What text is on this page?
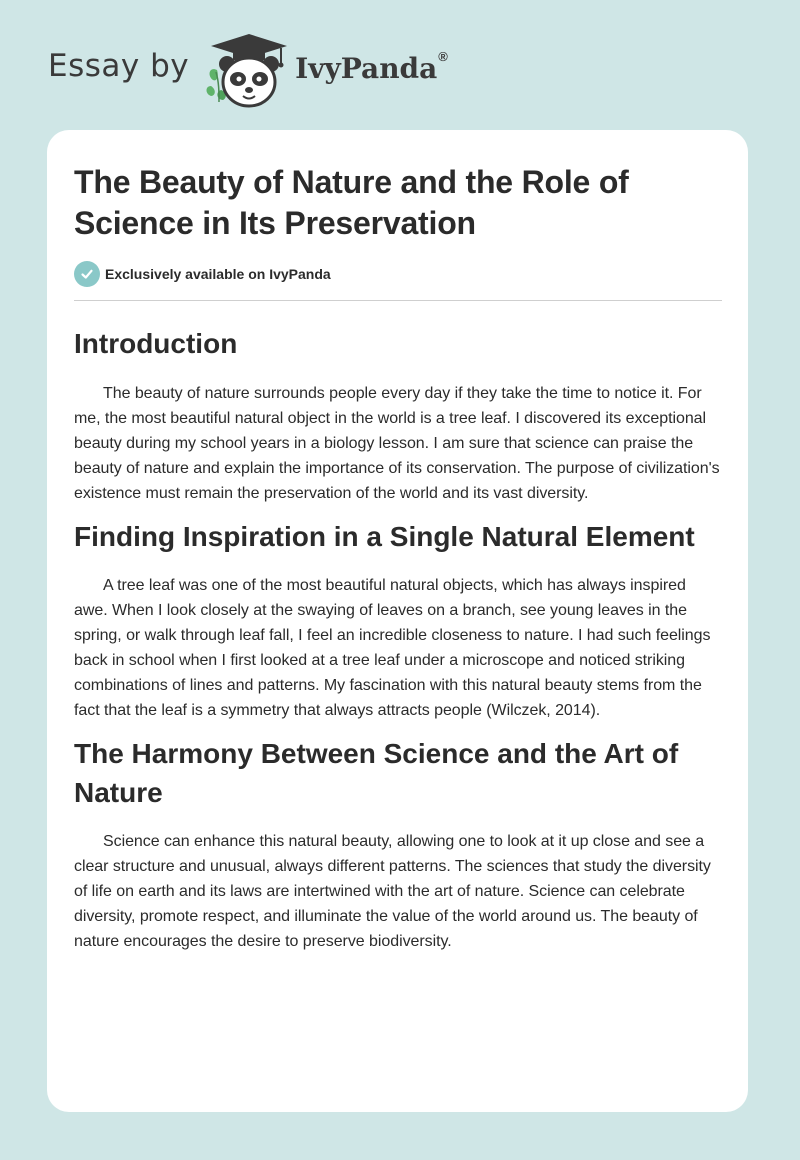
Essay by	IvyPanda ®
The Beauty of Nature and the Role of Science in Its Preservation
Exclusively available on IvyPanda
Introduction

The beauty of nature surrounds people every day if they take the time to notice it. For me, the most beautiful natural object in the world is a tree leaf. I discovered its exceptional beauty during my school years in a biology lesson. I am sure that science can praise the beauty of nature and explain the importance of its conservation. The purpose of civilization's existence must remain the preservation of the world and its vast diversity.

Finding Inspiration in a Single Natural Element

A tree leaf was one of the most beautiful natural objects, which has always inspired awe. When I look closely at the swaying of leaves on a branch, see young leaves in the spring, or walk through leaf fall, I feel an incredible closeness to nature. I had such feelings back in school when I first looked at a tree leaf under a microscope and noticed striking combinations of lines and patterns. My fascination with this natural beauty stems from the fact that the leaf is a symmetry that always attracts people (Wilczek, 2014).

The Harmony Between Science and the Art of Nature

Science can enhance this natural beauty, allowing one to look at it up close and see a clear structure and unusual, always different patterns. The sciences that study the diversity of life on earth and its laws are intertwined with the art of nature. Science can celebrate diversity, promote respect, and illuminate the value of the world around us. The beauty of nature encourages the desire to preserve biodiversity.
